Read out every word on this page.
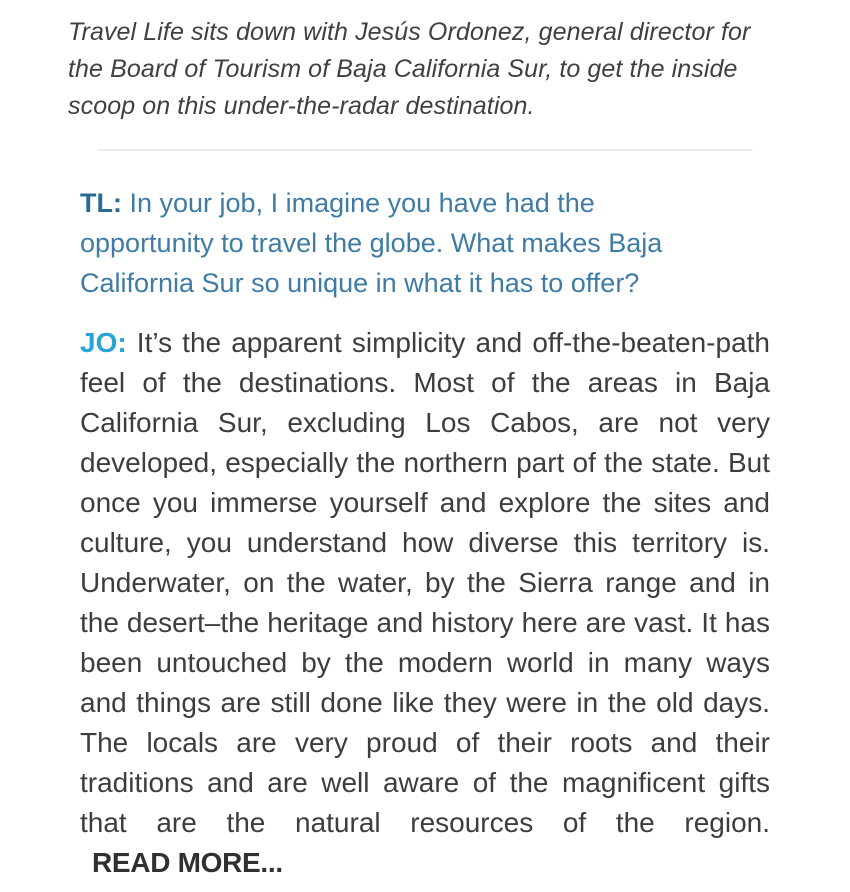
Travel Life sits down with Jesús Ordonez, general director for the Board of Tourism of Baja California Sur, to get the inside scoop on this under-the-radar destination.

TL: In your job, I imagine you have had the opportunity to travel the globe. What makes Baja California Sur so unique in what it has to offer?

JO: It’s the apparent simplicity and off-the-beaten-path feel of the destinations. Most of the areas in Baja California Sur, excluding Los Cabos, are not very developed, especially the northern part of the state. But once you immerse yourself and explore the sites and culture, you understand how diverse this territory is. Underwater, on the water, by the Sierra range and in the desert–the heritage and history here are vast. It has been untouched by the modern world in many ways and things are still done like they were in the old days. The locals are very proud of their roots and their traditions and are well aware of the magnificent gifts that are the natural resources of the region. READ MORE...
